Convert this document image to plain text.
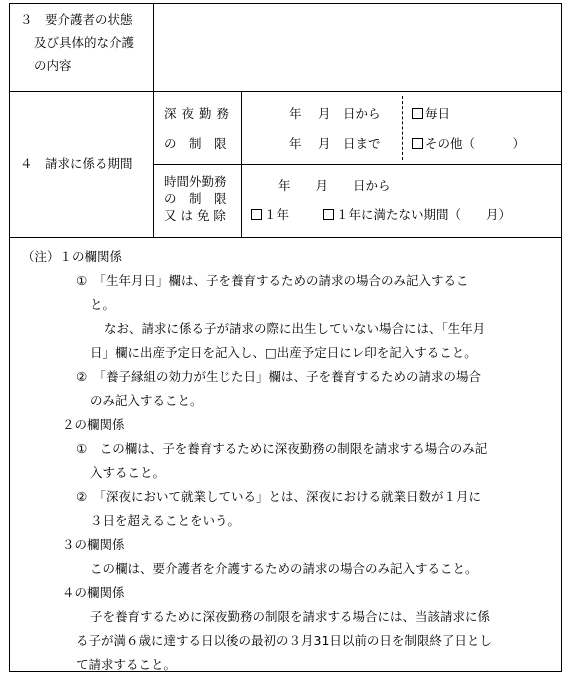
３　要介護者の状態
及び具体的な介護
の内容
４　請求に係る期間
深夜勤務
の　制　限
年　 月　日から
年　 月　日まで
毎日
その他（　　　）
時間外勤務
の　制　限
又 は 免 除
年　　月　　日から
１年	１年に満たない期間（　　月）
（注）１の欄関係
①　「生年月日」欄は、子を養育するための請求の場合のみ記入するこ
と。
なお、請求に係る子が請求の際に出生していない場合には、「生年月
日」欄に出産予定日を記入し、□出産予定日にレ印を記入すること。
②　「養子縁組の効力が生じた日」欄は、子を養育するための請求の場合
のみ記入すること。
２の欄関係
①　この欄は、子を養育するために深夜勤務の制限を請求する場合のみ記
入すること。
②　「深夜において就業している」とは、深夜における就業日数が１月に
３日を超えることをいう。
３の欄関係
この欄は、要介護者を介護するための請求の場合のみ記入すること。
４の欄関係
子を養育するために深夜勤務の制限を請求する場合には、当該請求に係
る子が満６歳に達する日以後の最初の３月31日以前の日を制限終了日とし
て請求すること。
